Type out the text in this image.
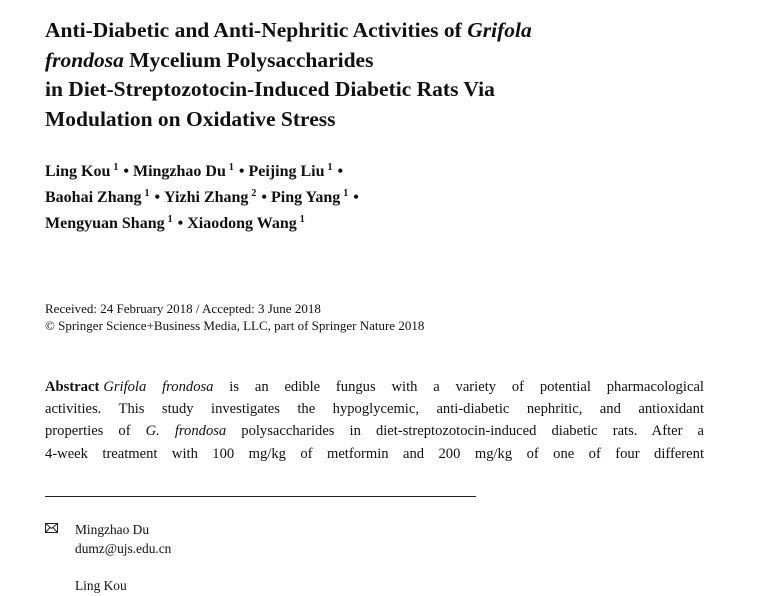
Anti-Diabetic and Anti-Nephritic Activities of Grifola
frondosa Mycelium Polysaccharides
in Diet-Streptozotocin-Induced Diabetic Rats Via
Modulation on Oxidative Stress
Ling Kou $^1$ • Mingzhao Du $^1$ • Peijing Liu $^1$ •
Baohai Zhang $^1$ • Yizhi Zhang $^2$ • Ping Yang $^1$ •
Mengyuan Shang $^1$ • Xiaodong Wang $^1$
Received: 24 February 2018 / Accepted: 3 June 2018
© Springer Science+Business Media, LLC, part of Springer Nature 2018
Abstract Grifola frondosa is an edible fungus with a variety of potential pharmacological
activities. This study investigates the hypoglycemic, anti-diabetic nephritic, and antioxidant
properties of G. frondosa polysaccharides in diet-streptozotocin-induced diabetic rats. After a
4-week treatment with 100 mg/kg of metformin and 200 mg/kg of one of four different
Mingzhao Du
dumz@ujs.edu.cn
Ling Kou
